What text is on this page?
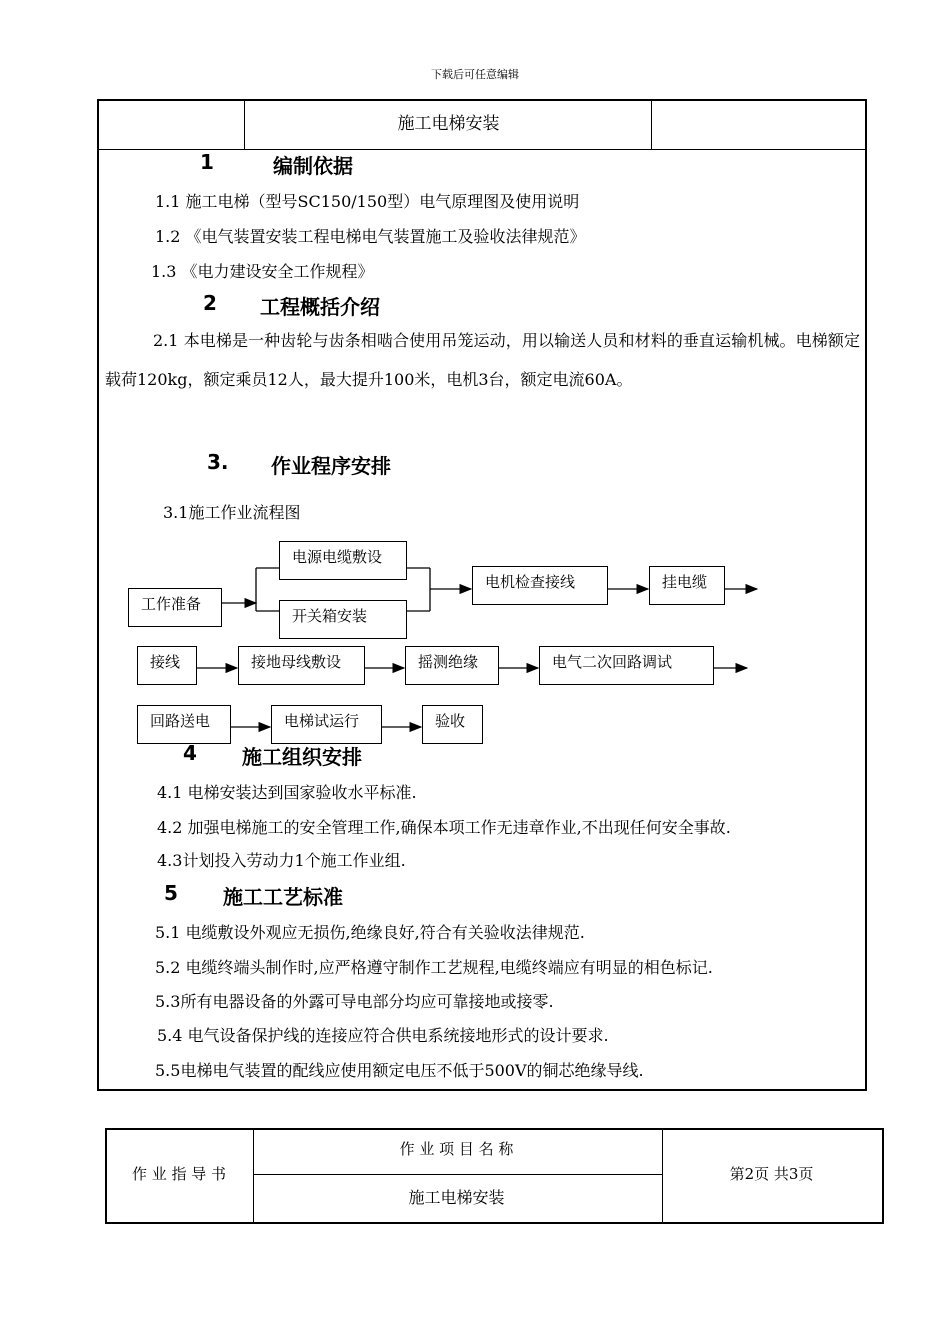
下载后可任意编辑
施工电梯安装
1	编制依据
1.1 施工电梯（型号SC150/150型）电气原理图及使用说明
1.2 《电气装置安装工程电梯电气装置施工及验收法律规范》
1.3 《电力建设安全工作规程》
2 工程概括介绍
2.1 本电梯是一种齿轮与齿条相啮合使用吊笼运动，用以输送人员和材料的垂直运输机械。电梯额定载荷120kg，额定乘员12人，最大提升100米，电机3台，额定电流60A。
3. 作业程序安排
3.1施工作业流程图
工作准备
电源电缆敷设
开关箱安装
电机检查接线	挂电缆
接线	接地母线敷设	摇测绝缘	电气二次回路调试
回路送电	电梯试运行	验收
4 施工组织安排
4.1 电梯安装达到国家验收水平标准.
4.2 加强电梯施工的安全管理工作,确保本项工作无违章作业,不出现任何安全事故.
4.3计划投入劳动力1个施工作业组.
5 施工工艺标准
5.1 电缆敷设外观应无损伤,绝缘良好,符合有关验收法律规范.
5.2 电缆终端头制作时,应严格遵守制作工艺规程,电缆终端应有明显的相色标记.
5.3所有电器设备的外露可导电部分均应可靠接地或接零.
5.4 电气设备保护线的连接应符合供电系统接地形式的设计要求.
5.5电梯电气装置的配线应使用额定电压不低于500V的铜芯绝缘导线.
作 业 指 导 书
作 业 项 目 名 称
施工电梯安装
第2页 共3页
